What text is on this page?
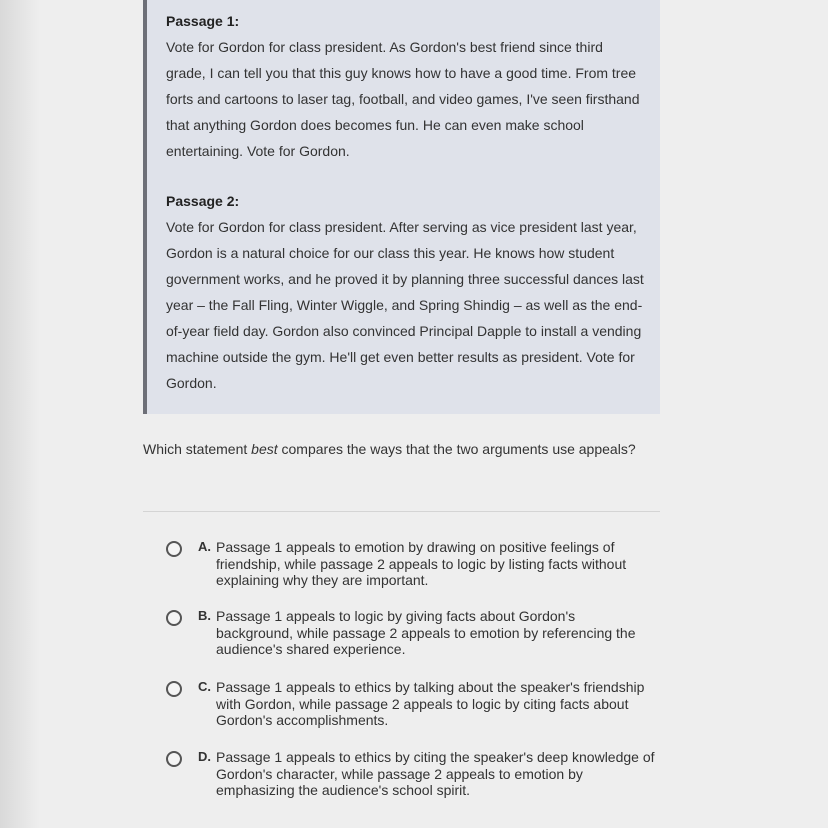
Passage 1:

Vote for Gordon for class president. As Gordon's best friend since third grade, I can tell you that this guy knows how to have a good time. From tree forts and cartoons to laser tag, football, and video games, I've seen firsthand that anything Gordon does becomes fun. He can even make school entertaining. Vote for Gordon.

Passage 2:

Vote for Gordon for class president. After serving as vice president last year, Gordon is a natural choice for our class this year. He knows how student government works, and he proved it by planning three successful dances last year – the Fall Fling, Winter Wiggle, and Spring Shindig – as well as the end-of-year field day. Gordon also convinced Principal Dapple to install a vending machine outside the gym. He'll get even better results as president. Vote for Gordon.

Which statement best compares the ways that the two arguments use appeals?
A. Passage 1 appeals to emotion by drawing on positive feelings of friendship, while passage 2 appeals to logic by listing facts without explaining why they are important.
B. Passage 1 appeals to logic by giving facts about Gordon's background, while passage 2 appeals to emotion by referencing the audience's shared experience.
C. Passage 1 appeals to ethics by talking about the speaker's friendship with Gordon, while passage 2 appeals to logic by citing facts about Gordon's accomplishments.
D. Passage 1 appeals to ethics by citing the speaker's deep knowledge of Gordon's character, while passage 2 appeals to emotion by emphasizing the audience's school spirit.
